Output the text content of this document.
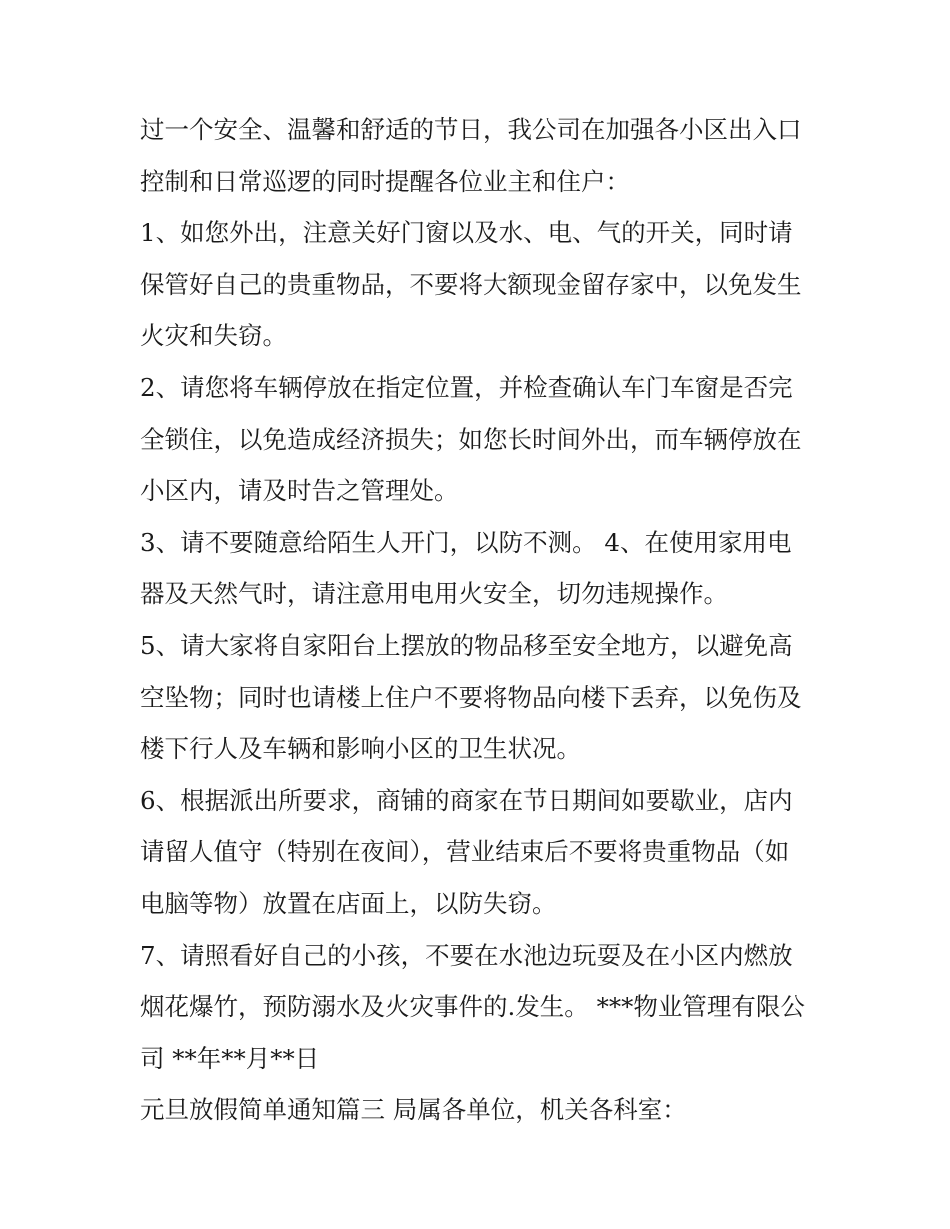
过一个安全、温馨和舒适的节日，我公司在加强各小区出入口
控制和日常巡逻的同时提醒各位业主和住户：
1、如您外出，注意关好门窗以及水、电、气的开关，同时请
保管好自己的贵重物品，不要将大额现金留存家中，以免发生
火灾和失窃。
2、请您将车辆停放在指定位置，并检查确认车门车窗是否完
全锁住，以免造成经济损失；如您长时间外出，而车辆停放在
小区内，请及时告之管理处。
3、请不要随意给陌生人开门，以防不测。 4、在使用家用电
器及天然气时，请注意用电用火安全，切勿违规操作。
5、请大家将自家阳台上摆放的物品移至安全地方，以避免高
空坠物；同时也请楼上住户不要将物品向楼下丢弃，以免伤及
楼下行人及车辆和影响小区的卫生状况。
6、根据派出所要求，商铺的商家在节日期间如要歇业，店内
请留人值守（特别在夜间），营业结束后不要将贵重物品（如
电脑等物）放置在店面上，以防失窃。
7、请照看好自己的小孩，不要在水池边玩耍及在小区内燃放
烟花爆竹，预防溺水及火灾事件的.发生。 ***物业管理有限公
司 **年**月**日
元旦放假简单通知篇三 局属各单位，机关各科室：
